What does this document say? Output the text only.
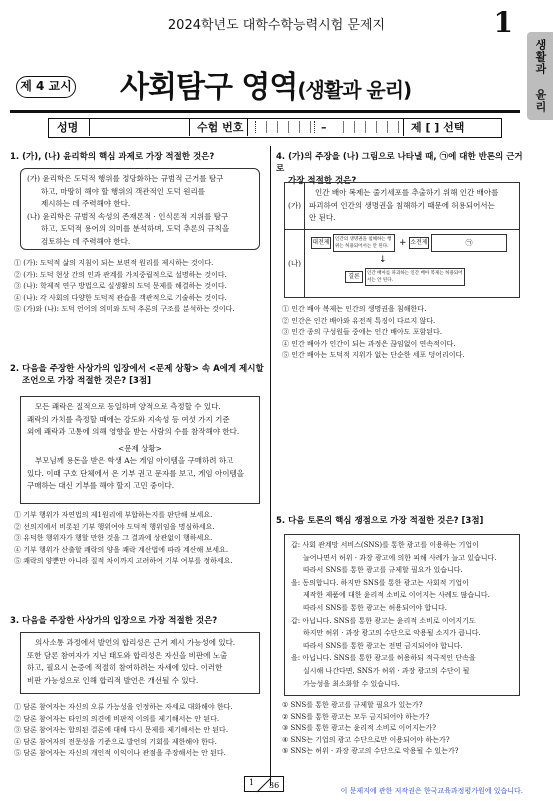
2024학년도 대학수학능력시험 문제지	1
생활과 윤리
제 4 교시 사회탐구 영역(생활과 윤리)
성명	수험 번호	–	제 [ ] 선택
1. (가), (나) 윤리학의 핵심 과제로 가장 적절한 것은?
(가) 윤리학은 도덕적 행위를 정당화하는 규범적 근거를 탐구
하고, 마땅히 해야 할 행위의 객관적인 도덕 원리를
제시하는 데 주력해야 한다.
(나) 윤리학은 규범적 속성의 존재론적 · 인식론적 지위를 탐구
하고, 도덕적 용어의 의미를 분석하며, 도덕 추론의 규칙을
검토하는 데 주력해야 한다.
① (가): 도덕적 삶의 지침이 되는 보편적 원리를 제시하는 것이다.
② (가): 도덕 현상 간의 인과 관계를 가치중립적으로 설명하는 것이다.
③ (나): 학제적 연구 방법으로 실생활의 도덕 문제를 해결하는 것이다.
④ (나): 각 사회의 다양한 도덕적 관습을 객관적으로 기술하는 것이다.
⑤ (가)와 (나): 도덕 언어의 의미와 도덕 추론의 구조를 분석하는 것이다.
2. 다음을 주장한 사상가의 입장에서 <문제 상황> 속 A에게 제시할
조언으로 가장 적절한 것은? [3점]
모든 쾌락은 질적으로 동일하며 양적으로 측정할 수 있다.
쾌락의 가치를 측정할 때에는 강도와 지속성 등 여섯 가지 기준
외에 쾌락과 고통에 의해 영향을 받는 사람의 수를 참작해야 한다.
<문제 상황>
부모님께 용돈을 받은 학생 A는 게임 아이템을 구매하려 하고
있다. 이때 구호 단체에서 온 기부 권고 문자를 보고, 게임 아이템을
구매하는 대신 기부를 해야 할지 고민 중이다.
① 기부 행위가 자연법의 제1원리에 부합하는지를 판단해 보세요.
② 선의지에서 비롯된 기부 행위여야 도덕적 행위임을 명심하세요.
③ 유덕한 행위자가 행할 만한 것을 그 결과에 상관없이 행하세요.
④ 기부 행위가 산출할 쾌락의 양을 쾌락 계산법에 따라 계산해 보세요.
⑤ 쾌락의 양뿐만 아니라 질적 차이까지 고려하여 기부 여부를 정하세요.
3. 다음을 주장한 사상가의 입장으로 가장 적절한 것은?
의사소통 과정에서 발언의 합리성은 근거 제시 가능성에 있다.
또한 담론 참여자가 지닌 태도와 합리성은 자신을 비판에 노출
하고, 필요시 논증에 적절히 참여하려는 자세에 있다. 이러한
비판 가능성으로 인해 합리적 발언은 개선될 수 있다.
① 담론 참여자는 자신의 오류 가능성을 인정하는 자세로 대화해야 한다.
② 담론 참여자는 타인의 의견에 비판적 이의를 제기해서는 안 된다.
③ 담론 참여자는 합의된 결론에 대해 다시 문제를 제기해서는 안 된다.
④ 담론 참여자의 전문성을 기준으로 발언의 기회를 제한해야 한다.
⑤ 담론 참여자는 자신의 개인적 이익이나 관점을 주장해서는 안 된다.
4. (가)의 주장을 (나) 그림으로 나타낼 때, ㉠에 대한 반론의 근거로
가장 적절한 것은?
(가)
인간 배아 복제는 줄기세포를 추출하기 위해 인간 배아를
파괴하여 인간의 생명권을 침해하기 때문에 허용되어서는
안 된다.
(나)
대전제	인간의 생명권을 침해하는 행위는 허용되어서는 안 된다.	+ 소전제	㉠
↓
결론	인간 배아를 파괴하는 인간 배아 복제는 허용되어서는 안 된다.
① 인간 배아 복제는 인간의 생명권을 침해한다.
② 인간은 인간 배아와 유전적 특징이 다르지 않다.
③ 인간 종의 구성원들 중에는 인간 배아도 포함된다.
④ 인간 배아가 인간이 되는 과정은 끊임없이 연속적이다.
⑤ 인간 배아는 도덕적 지위가 없는 단순한 세포 덩어리이다.
5. 다음 토론의 핵심 쟁점으로 가장 적절한 것은? [3점]
갑: 사회 관계망 서비스(SNS)를 통한 광고를 이용하는 기업이
늘어나면서 허위 · 과장 광고에 의한 피해 사례가 늘고 있습니다.
따라서 SNS를 통한 광고를 규제할 필요가 있습니다.
을: 동의합니다. 하지만 SNS를 통한 광고는 사회적 기업이
제작한 제품에 대한 윤리적 소비로 이어지는 사례도 많습니다.
따라서 SNS를 통한 광고는 허용되어야 합니다.
갑: 아닙니다. SNS를 통한 광고는 윤리적 소비로 이어지기도
하지만 허위 · 과장 광고의 수단으로 악용될 소지가 큽니다.
따라서 SNS를 통한 광고는 전면 금지되어야 합니다.
을: 아닙니다. SNS를 통한 광고를 허용하되 적극적인 단속을
실시해 나간다면, SNS가 허위 · 과장 광고의 수단이 될
가능성을 최소화할 수 있습니다.
① SNS를 통한 광고를 규제할 필요가 있는가?
② SNS를 통한 광고는 모두 금지되어야 하는가?
③ SNS를 통한 광고는 윤리적 소비로 이어지는가?
④ SNS는 기업의 광고 수단으로만 이용되어야 하는가?
⑤ SNS는 허위 · 과장 광고의 수단으로 악용될 수 있는가?
1 36
이 문제지에 관한 저작권은 한국교육과정평가원에 있습니다.
